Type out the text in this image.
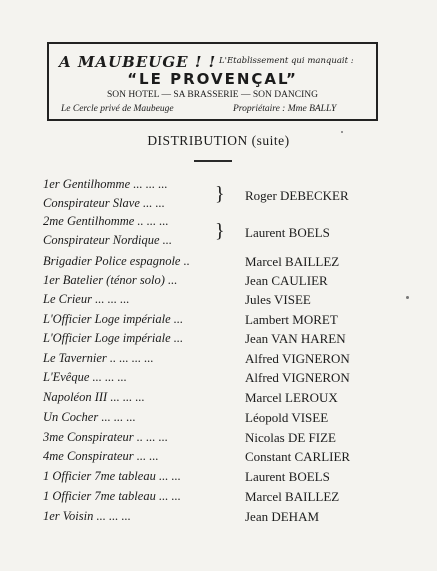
A MAUBEUGE ! ! L'Etablissement qui manquait :
“LE PROVENÇAL”
SON HOTEL — SA BRASSERIE — SON DANCING
Le Cercle privé de Maubeuge	Propriétaire : Mme BALLY
DISTRIBUTION (suite)
1er Gentilhomme ... ... ...
Conspirateur Slave ... ...	} Roger DEBECKER
2me Gentilhomme .. ... ...
Conspirateur Nordique ... } Laurent BOELS
Brigadier Police espagnole ..	Marcel BAILLEZ
1er Batelier (ténor solo) ...	Jean CAULIER
Le Crieur ... ... ...	Jules VISEE
L'Officier Loge impériale ...	Lambert MORET
L'Officier Loge impériale ...	Jean VAN HAREN
Le Tavernier .. ... ... ...	Alfred VIGNERON
L'Evêque ... ... ...	Alfred VIGNERON
Napoléon III ... ... ...	Marcel LEROUX
Un Cocher ... ... ...	Léopold VISEE
3me Conspirateur .. ... ...	Nicolas DE FIZE
4me Conspirateur ... ...	Constant CARLIER
1 Officier 7me tableau ... ...	Laurent BOELS
1 Officier 7me tableau ... ...	Marcel BAILLEZ
1er Voisin ... ... ...	Jean DEHAM
